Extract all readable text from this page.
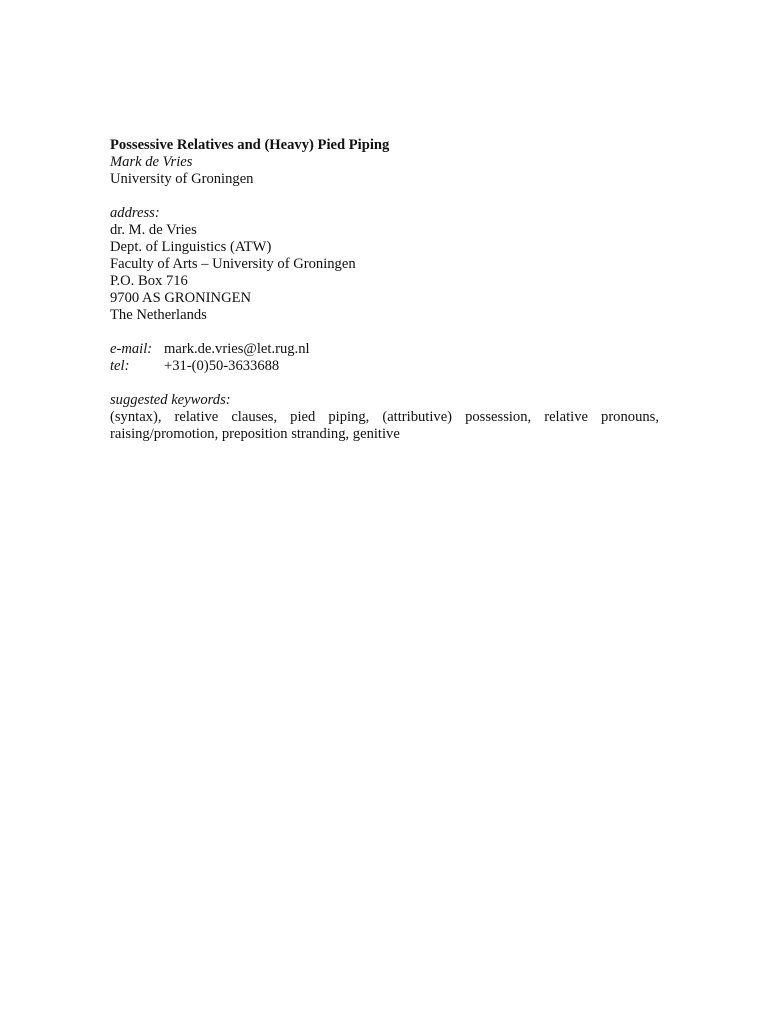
Possessive Relatives and (Heavy) Pied Piping
Mark de Vries
University of Groningen
address:
dr. M. de Vries
Dept. of Linguistics (ATW)
Faculty of Arts – University of Groningen
P.O. Box 716
9700 AS GRONINGEN
The Netherlands
e-mail: mark.de.vries@let.rug.nl
tel:	+31-(0)50-3633688
suggested keywords:
(syntax), relative clauses, pied piping, (attributive) possession, relative pronouns, raising/promotion, preposition stranding, genitive
